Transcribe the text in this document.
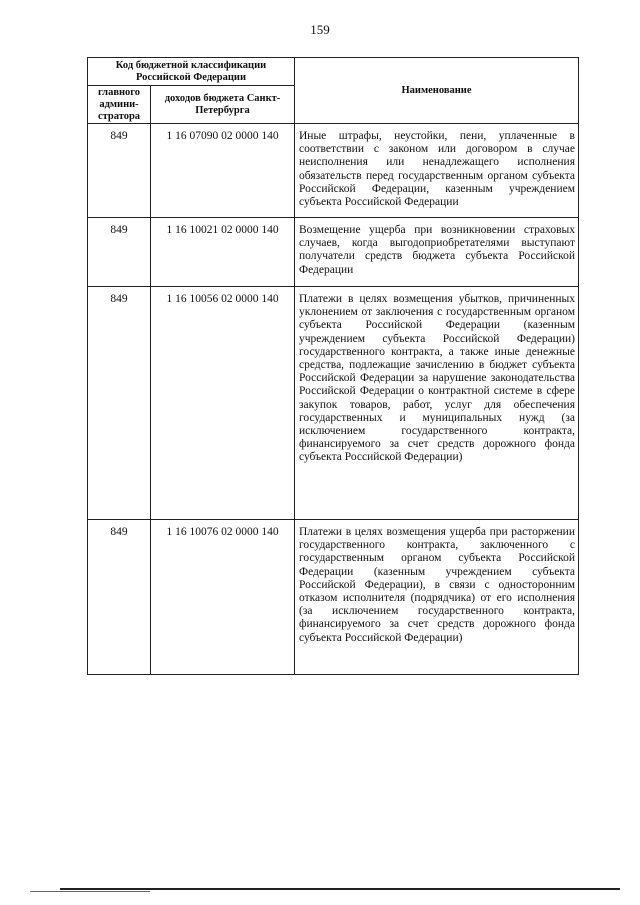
159
Код бюджетной классификации Российской Федерации		Наименование
главного админи-стратора	доходов бюджета Санкт-Петербурга	
849	1 16 07090 02 0000 140	Иные штрафы, неустойки, пени, уплаченные в соответствии с законом или договором в случае неисполнения или ненадлежащего исполнения обязательств перед государственным органом субъекта Российской Федерации, казенным учреждением субъекта Российской Федерации
849	1 16 10021 02 0000 140	Возмещение ущерба при возникновении страховых случаев, когда выгодоприобретателями выступают получатели средств бюджета субъекта Российской Федерации
849	1 16 10056 02 0000 140	Платежи в целях возмещения убытков, причиненных уклонением от заключения с государственным органом субъекта Российской Федерации (казенным учреждением субъекта Российской Федерации) государственного контракта, а также иные денежные средства, подлежащие зачислению в бюджет субъекта Российской Федерации за нарушение законодательства Российской Федерации о контрактной системе в сфере закупок товаров, работ, услуг для обеспечения государственных и муниципальных нужд (за исключением государственного контракта, финансируемого за счет средств дорожного фонда субъекта Российской Федерации)
849	1 16 10076 02 0000 140	Платежи в целях возмещения ущерба при расторжении государственного контракта, заключенного с государственным органом субъекта Российской Федерации (казенным учреждением субъекта Российской Федерации), в связи с односторонним отказом исполнителя (подрядчика) от его исполнения (за исключением государственного контракта, финансируемого за счет средств дорожного фонда субъекта Российской Федерации)
